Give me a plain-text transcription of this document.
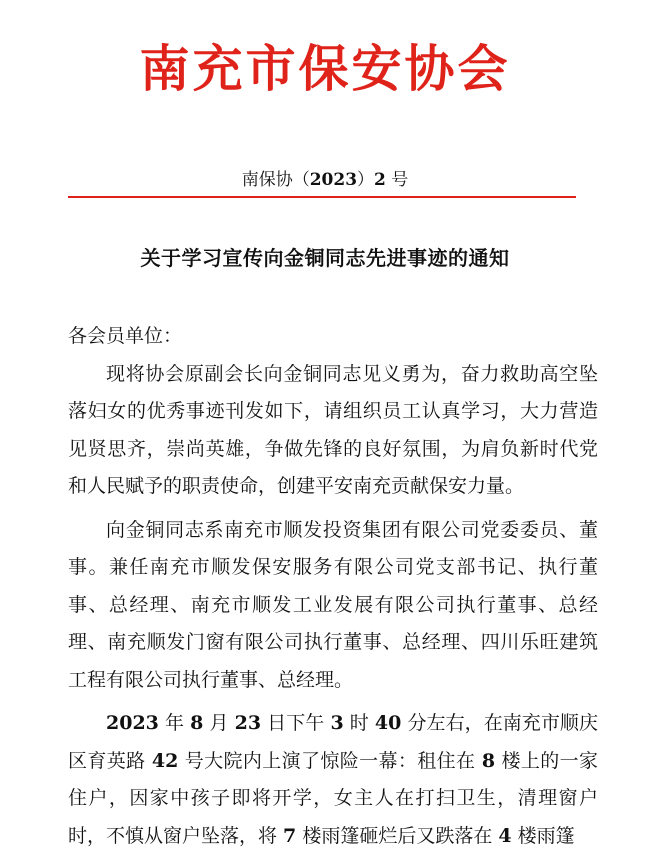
南充市保安协会
南保协（2023）2 号
关于学习宣传向金铜同志先进事迹的通知

各会员单位：

现将协会原副会长向金铜同志见义勇为，奋力救助高空坠落妇女的优秀事迹刊发如下，请组织员工认真学习，大力营造见贤思齐，崇尚英雄，争做先锋的良好氛围，为肩负新时代党和人民赋予的职责使命，创建平安南充贡献保安力量。

向金铜同志系南充市顺发投资集团有限公司党委委员、董事。兼任南充市顺发保安服务有限公司党支部书记、执行董事、总经理、南充市顺发工业发展有限公司执行董事、总经理、南充顺发门窗有限公司执行董事、总经理、四川乐旺建筑工程有限公司执行董事、总经理。

2023 年 8 月 23 日下午 3 时 40 分左右，在南充市顺庆区育英路 42 号大院内上演了惊险一幕：租住在 8 楼上的一家住户，因家中孩子即将开学，女主人在打扫卫生，清理窗户时，不慎从窗户坠落，将 7 楼雨篷砸烂后又跌落在 4 楼雨篷
